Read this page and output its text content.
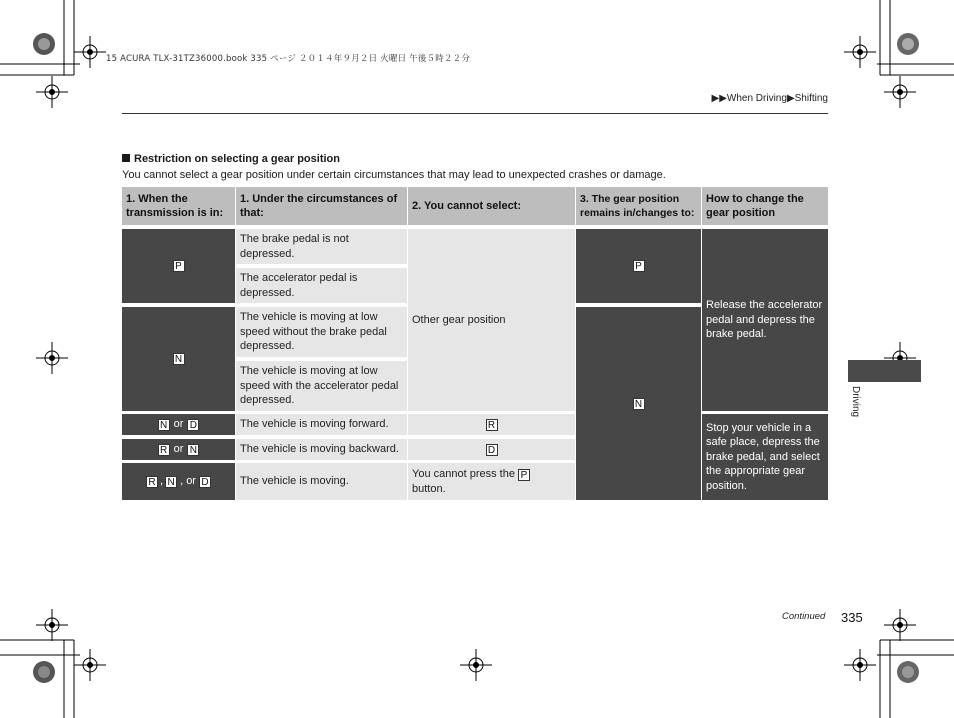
15 ACURA TLX-31TZ36000.book 335 ページ ２０１４年９月２日 火曜日 午後５時２２分
▶▶When Driving▶Shifting
Restriction on selecting a gear position
You cannot select a gear position under certain circumstances that may lead to unexpected crashes or damage.
1. When the transmission is in:
1. Under the circumstances of that:
2. You cannot select:
3. The gear position remains in/changes to:
How to change the gear position
P
N
N or D
R or N
R , N , or D
The brake pedal is not depressed.
The accelerator pedal is depressed.
The vehicle is moving at low speed without the brake pedal depressed.
The vehicle is moving at low speed with the accelerator pedal depressed.
The vehicle is moving forward.
The vehicle is moving backward.
The vehicle is moving.
Other gear position
R
D
You cannot press the P
button.
P
N
Release the accelerator pedal and depress the brake pedal.
Stop your vehicle in a safe place, depress the brake pedal, and select the appropriate gear position.
Driving
Continued 335
